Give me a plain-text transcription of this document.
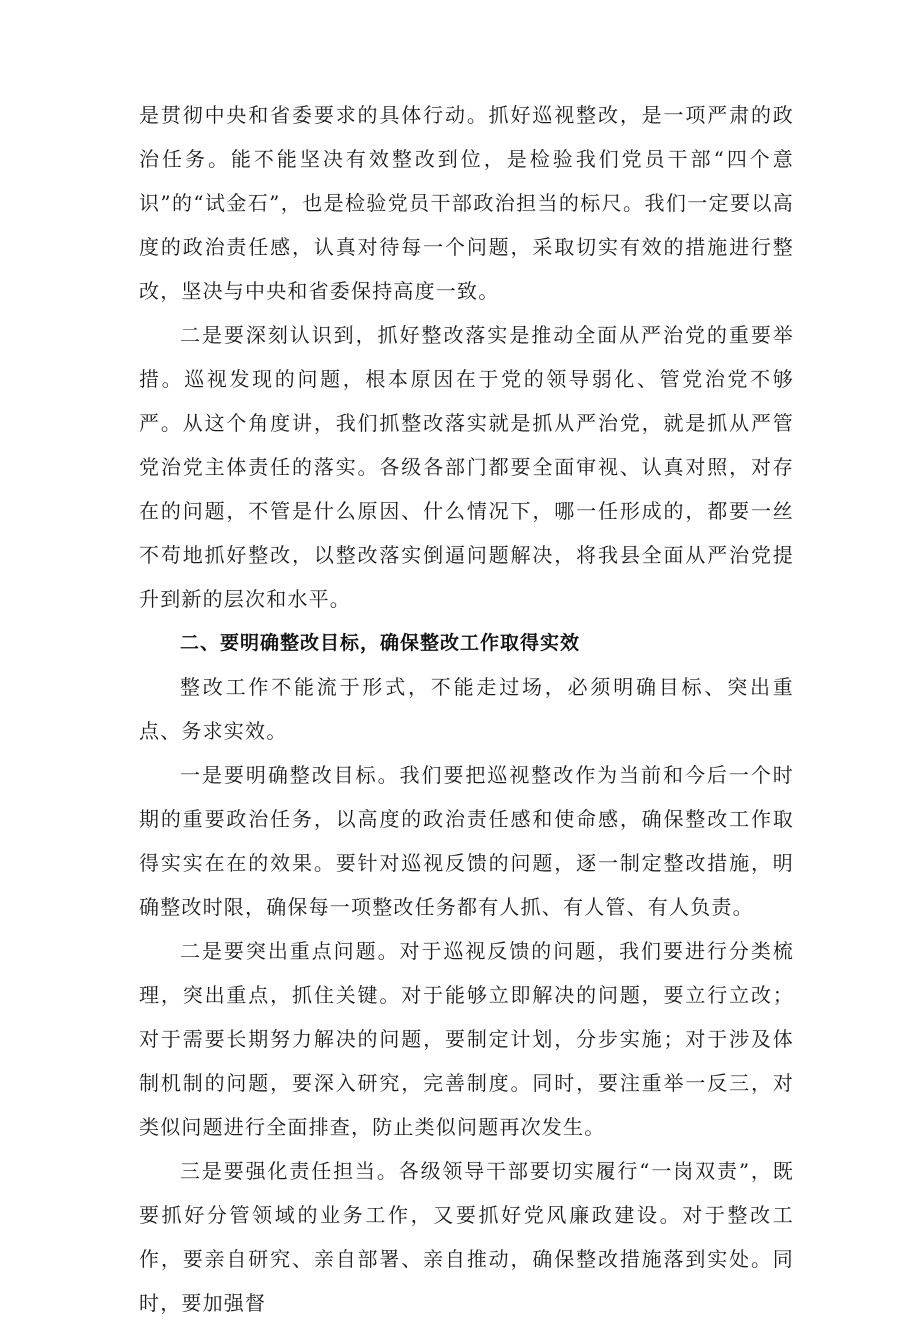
是贯彻中央和省委要求的具体行动。抓好巡视整改，是一项严肃的政治任务。能不能坚决有效整改到位，是检验我们党员干部“四个意识”的“试金石”，也是检验党员干部政治担当的标尺。我们一定要以高度的政治责任感，认真对待每一个问题，采取切实有效的措施进行整改，坚决与中央和省委保持高度一致。

二是要深刻认识到，抓好整改落实是推动全面从严治党的重要举措。巡视发现的问题，根本原因在于党的领导弱化、管党治党不够严。从这个角度讲，我们抓整改落实就是抓从严治党，就是抓从严管党治党主体责任的落实。各级各部门都要全面审视、认真对照，对存在的问题，不管是什么原因、什么情况下，哪一任形成的，都要一丝不苟地抓好整改，以整改落实倒逼问题解决，将我县全面从严治党提升到新的层次和水平。

二、要明确整改目标，确保整改工作取得实效

整改工作不能流于形式，不能走过场，必须明确目标、突出重点、务求实效。

一是要明确整改目标。我们要把巡视整改作为当前和今后一个时期的重要政治任务，以高度的政治责任感和使命感，确保整改工作取得实实在在的效果。要针对巡视反馈的问题，逐一制定整改措施，明确整改时限，确保每一项整改任务都有人抓、有人管、有人负责。

二是要突出重点问题。对于巡视反馈的问题，我们要进行分类梳理，突出重点，抓住关键。对于能够立即解决的问题，要立行立改；对于需要长期努力解决的问题，要制定计划，分步实施；对于涉及体制机制的问题，要深入研究，完善制度。同时，要注重举一反三，对类似问题进行全面排查，防止类似问题再次发生。

三是要强化责任担当。各级领导干部要切实履行“一岗双责”，既要抓好分管领域的业务工作，又要抓好党风廉政建设。对于整改工作，要亲自研究、亲自部署、亲自推动，确保整改措施落到实处。同时，要加强督
